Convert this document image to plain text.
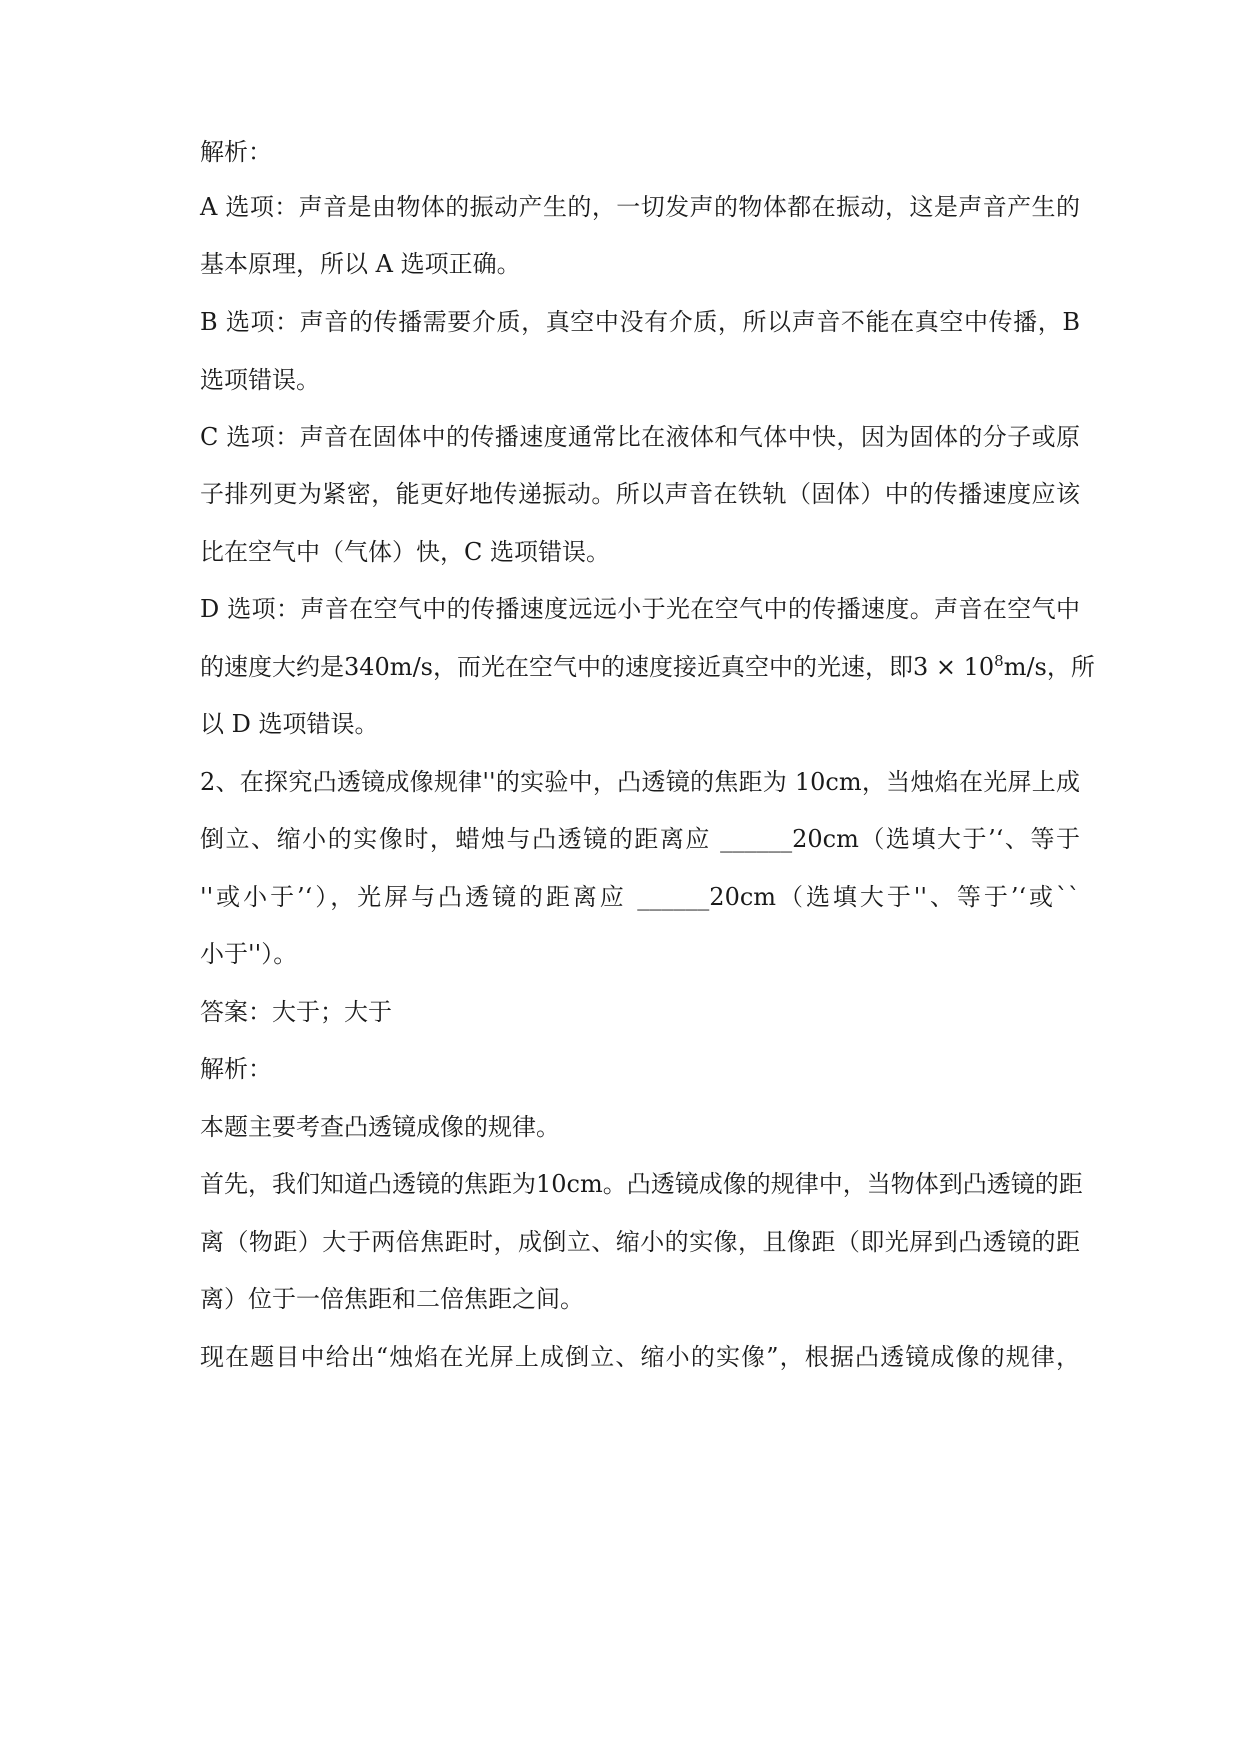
解析：

A 选项：声音是由物体的振动产生的，一切发声的物体都在振动，这是声音产生的

基本原理，所以 A 选项正确。

B 选项：声音的传播需要介质，真空中没有介质，所以声音不能在真空中传播，B

选项错误。

C 选项：声音在固体中的传播速度通常比在液体和气体中快，因为固体的分子或原

子排列更为紧密，能更好地传递振动。所以声音在铁轨（固体）中的传播速度应该

比在空气中（气体）快，C 选项错误。

D 选项：声音在空气中的传播速度远远小于光在空气中的传播速度。声音在空气中

的速度大约是340m/s，而光在空气中的速度接近真空中的光速，即$3 \times 10^8m/s$，所

以 D 选项错误。

2、在探究凸透镜成像规律''的实验中，凸透镜的焦距为 10cm，当烛焰在光屏上成

倒立、缩小的实像时，蜡烛与凸透镜的距离应 ______20cm（选填大于’‘、等于

''或小于’‘），光屏与凸透镜的距离应 ______20cm（选填大于''、等于’‘或``

小于''）。

答案：大于；大于

解析：

本题主要考查凸透镜成像的规律。

首先，我们知道凸透镜的焦距为10cm。凸透镜成像的规律中，当物体到凸透镜的距

离（物距）大于两倍焦距时，成倒立、缩小的实像，且像距（即光屏到凸透镜的距

离）位于一倍焦距和二倍焦距之间。

现在题目中给出“烛焰在光屏上成倒立、缩小的实像”，根据凸透镜成像的规律，
